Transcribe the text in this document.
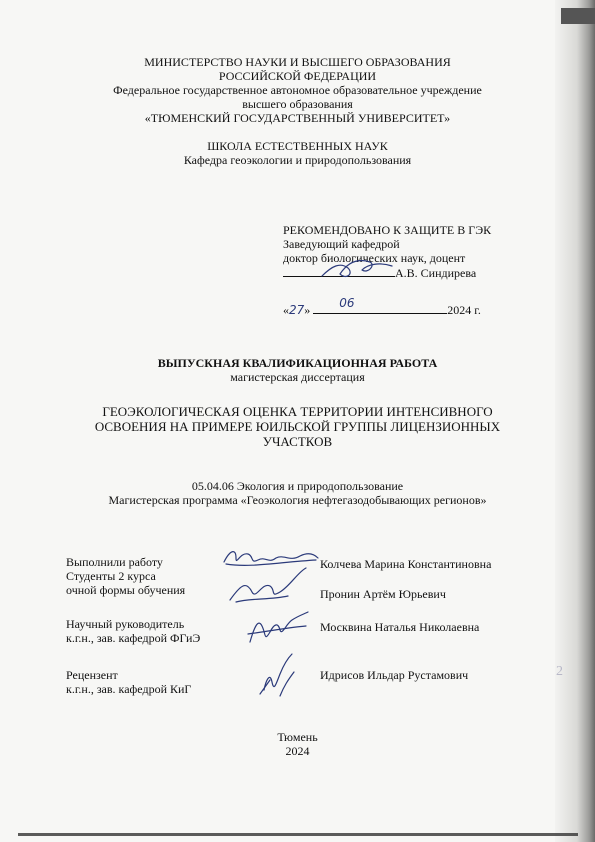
2
МИНИСТЕРСТВО НАУКИ И ВЫСШЕГО ОБРАЗОВАНИЯ
РОССИЙСКОЙ ФЕДЕРАЦИИ
Федеральное государственное автономное образовательное учреждение
высшего образования
«ТЮМЕНСКИЙ ГОСУДАРСТВЕННЫЙ УНИВЕРСИТЕТ»
ШКОЛА ЕСТЕСТВЕННЫХ НАУК
Кафедра геоэкологии и природопользования
РЕКОМЕНДОВАНО К ЗАЩИТЕ В ГЭК
Заведующий кафедрой
доктор биологических наук, доцент
А.В. Синдирева
«27» 06	2024 г.
ВЫПУСКНАЯ КВАЛИФИКАЦИОННАЯ РАБОТА
магистерская диссертация
ГЕОЭКОЛОГИЧЕСКАЯ ОЦЕНКА ТЕРРИТОРИИ ИНТЕНСИВНОГО
ОСВОЕНИЯ НА ПРИМЕРЕ ЮИЛЬСКОЙ ГРУППЫ ЛИЦЕНЗИОННЫХ
УЧАСТКОВ
05.04.06 Экология и природопользование
Магистерская программа «Геоэкология нефтегазодобывающих регионов»
Выполнили работу
Студенты 2 курса
очной формы обучения
Колчева Марина Константиновна
Пронин Артём Юрьевич
Научный руководитель
к.г.н., зав. кафедрой ФГиЭ
Москвина Наталья Николаевна
Рецензент
к.г.н., зав. кафедрой КиГ
Идрисов Ильдар Рустамович
Тюмень
2024
